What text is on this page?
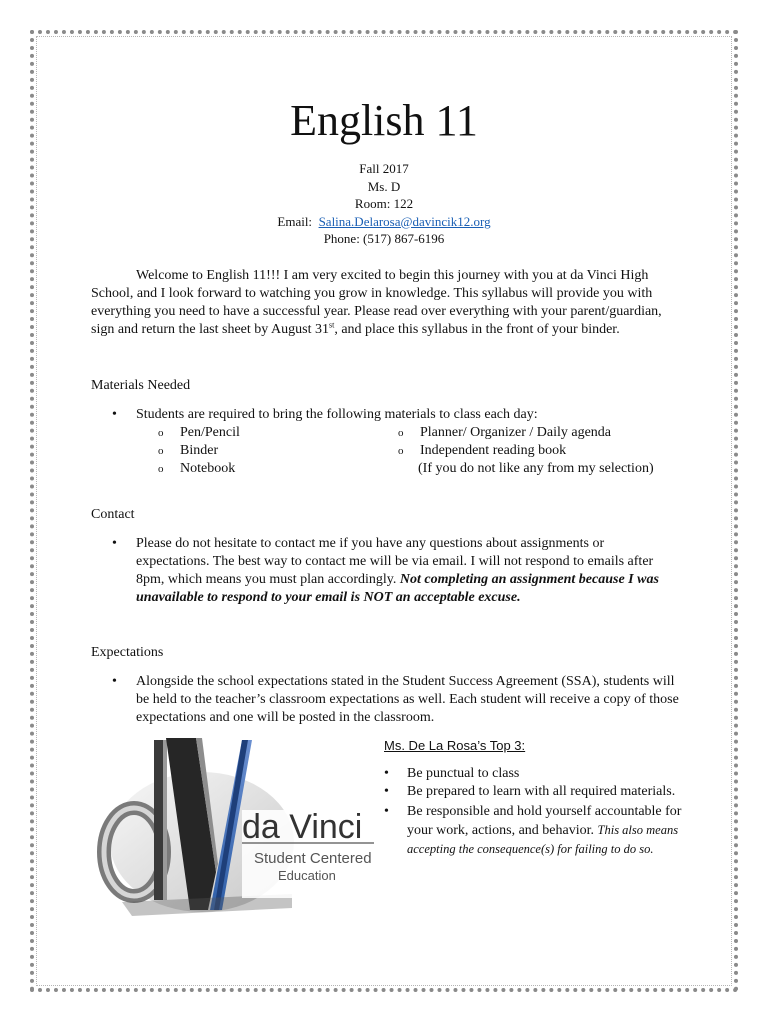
English 11
Fall 2017
Ms. D
Room: 122
Email: Salina.Delarosa@davincik12.org
Phone: (517) 867-6196

Welcome to English 11!!! I am very excited to begin this journey with you at da Vinci High School, and I look forward to watching you grow in knowledge. This syllabus will provide you with everything you need to have a successful year. Please read over everything with your parent/guardian, sign and return the last sheet by August 31st, and place this syllabus in the front of your binder.

Materials Needed
• Students are required to bring the following materials to class each day:
o Pen/Pencil
o Binder
o Notebook
o Planner/ Organizer / Daily agenda
o Independent reading book
(If you do not like any from my selection)
Contact
• Please do not hesitate to contact me if you have any questions about assignments or expectations. The best way to contact me will be via email. I will not respond to emails after 8pm, which means you must plan accordingly. Not completing an assignment because I was unavailable to respond to your email is NOT an acceptable excuse.
Expectations
• Alongside the school expectations stated in the Student Success Agreement (SSA), students will be held to the teacher’s classroom expectations as well. Each student will receive a copy of those expectations and one will be posted in the classroom.
da Vinci
Student Centered
Education
Ms. De La Rosa’s Top 3:
• Be punctual to class
• Be prepared to learn with all required materials.
• Be responsible and hold yourself accountable for your work, actions, and behavior. This also means accepting the consequence(s) for failing to do so.
